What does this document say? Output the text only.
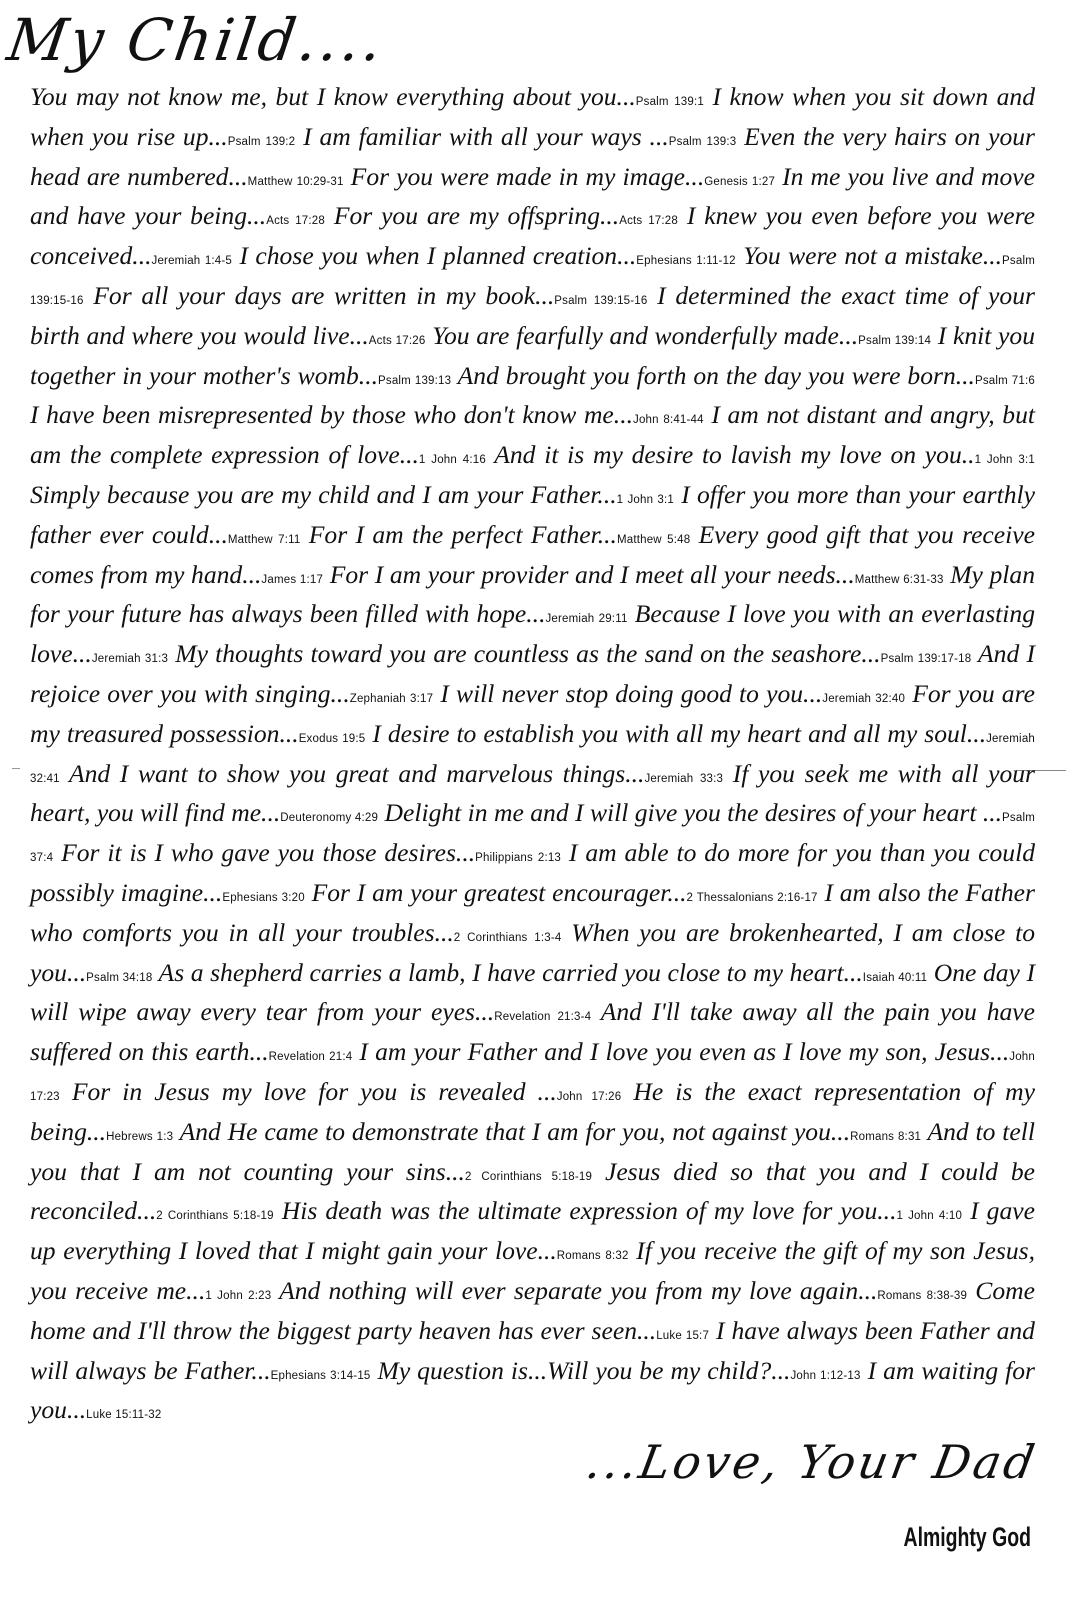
My Child....
You may not know me, but I know everything about you...Psalm 139:1 I know when you sit down and when you rise up...Psalm 139:2 I am familiar with all your ways ...Psalm 139:3 Even the very hairs on your head are numbered...Matthew 10:29-31 For you were made in my image...Genesis 1:27 In me you live and move and have your being...Acts 17:28 For you are my offspring...Acts 17:28 I knew you even before you were conceived...Jeremiah 1:4-5 I chose you when I planned creation...Ephesians 1:11-12 You were not a mistake...Psalm 139:15-16 For all your days are written in my book...Psalm 139:15-16 I determined the exact time of your birth and where you would live...Acts 17:26 You are fearfully and wonderfully made...Psalm 139:14 I knit you together in your mother's womb...Psalm 139:13 And brought you forth on the day you were born...Psalm 71:6 I have been misrepresented by those who don't know me...John 8:41-44 I am not distant and angry, but am the complete expression of love...1 John 4:16 And it is my desire to lavish my love on you..1 John 3:1 Simply because you are my child and I am your Father...1 John 3:1 I offer you more than your earthly father ever could...Matthew 7:11 For I am the perfect Father...Matthew 5:48 Every good gift that you receive comes from my hand...James 1:17 For I am your provider and I meet all your needs...Matthew 6:31-33 My plan for your future has always been filled with hope...Jeremiah 29:11 Because I love you with an everlasting love...Jeremiah 31:3 My thoughts toward you are countless as the sand on the seashore...Psalm 139:17-18 And I rejoice over you with singing...Zephaniah 3:17 I will never stop doing good to you...Jeremiah 32:40 For you are my treasured possession...Exodus 19:5 I desire to establish you with all my heart and all my soul...Jeremiah 32:41 And I want to show you great and marvelous things...Jeremiah 33:3 If you seek me with all your heart, you will find me...Deuteronomy 4:29 Delight in me and I will give you the desires of your heart ...Psalm 37:4 For it is I who gave you those desires...Philippians 2:13 I am able to do more for you than you could possibly imagine...Ephesians 3:20 For I am your greatest encourager...2 Thessalonians 2:16-17 I am also the Father who comforts you in all your troubles...2 Corinthians 1:3-4 When you are brokenhearted, I am close to you...Psalm 34:18 As a shepherd carries a lamb, I have carried you close to my heart...Isaiah 40:11 One day I will wipe away every tear from your eyes...Revelation 21:3-4 And I'll take away all the pain you have suffered on this earth...Revelation 21:4 I am your Father and I love you even as I love my son, Jesus...John 17:23 For in Jesus my love for you is revealed ...John 17:26 He is the exact representation of my being...Hebrews 1:3 And He came to demonstrate that I am for you, not against you...Romans 8:31 And to tell you that I am not counting your sins...2 Corinthians 5:18-19 Jesus died so that you and I could be reconciled...2 Corinthians 5:18-19 His death was the ultimate expression of my love for you...1 John 4:10 I gave up everything I loved that I might gain your love...Romans 8:32 If you receive the gift of my son Jesus, you receive me...1 John 2:23 And nothing will ever separate you from my love again...Romans 8:38-39 Come home and I'll throw the biggest party heaven has ever seen...Luke 15:7 I have always been Father and will always be Father...Ephesians 3:14-15 My question is...Will you be my child?...John 1:12-13 I am waiting for you...Luke 15:11-32
...Love, Your Dad
Almighty God
